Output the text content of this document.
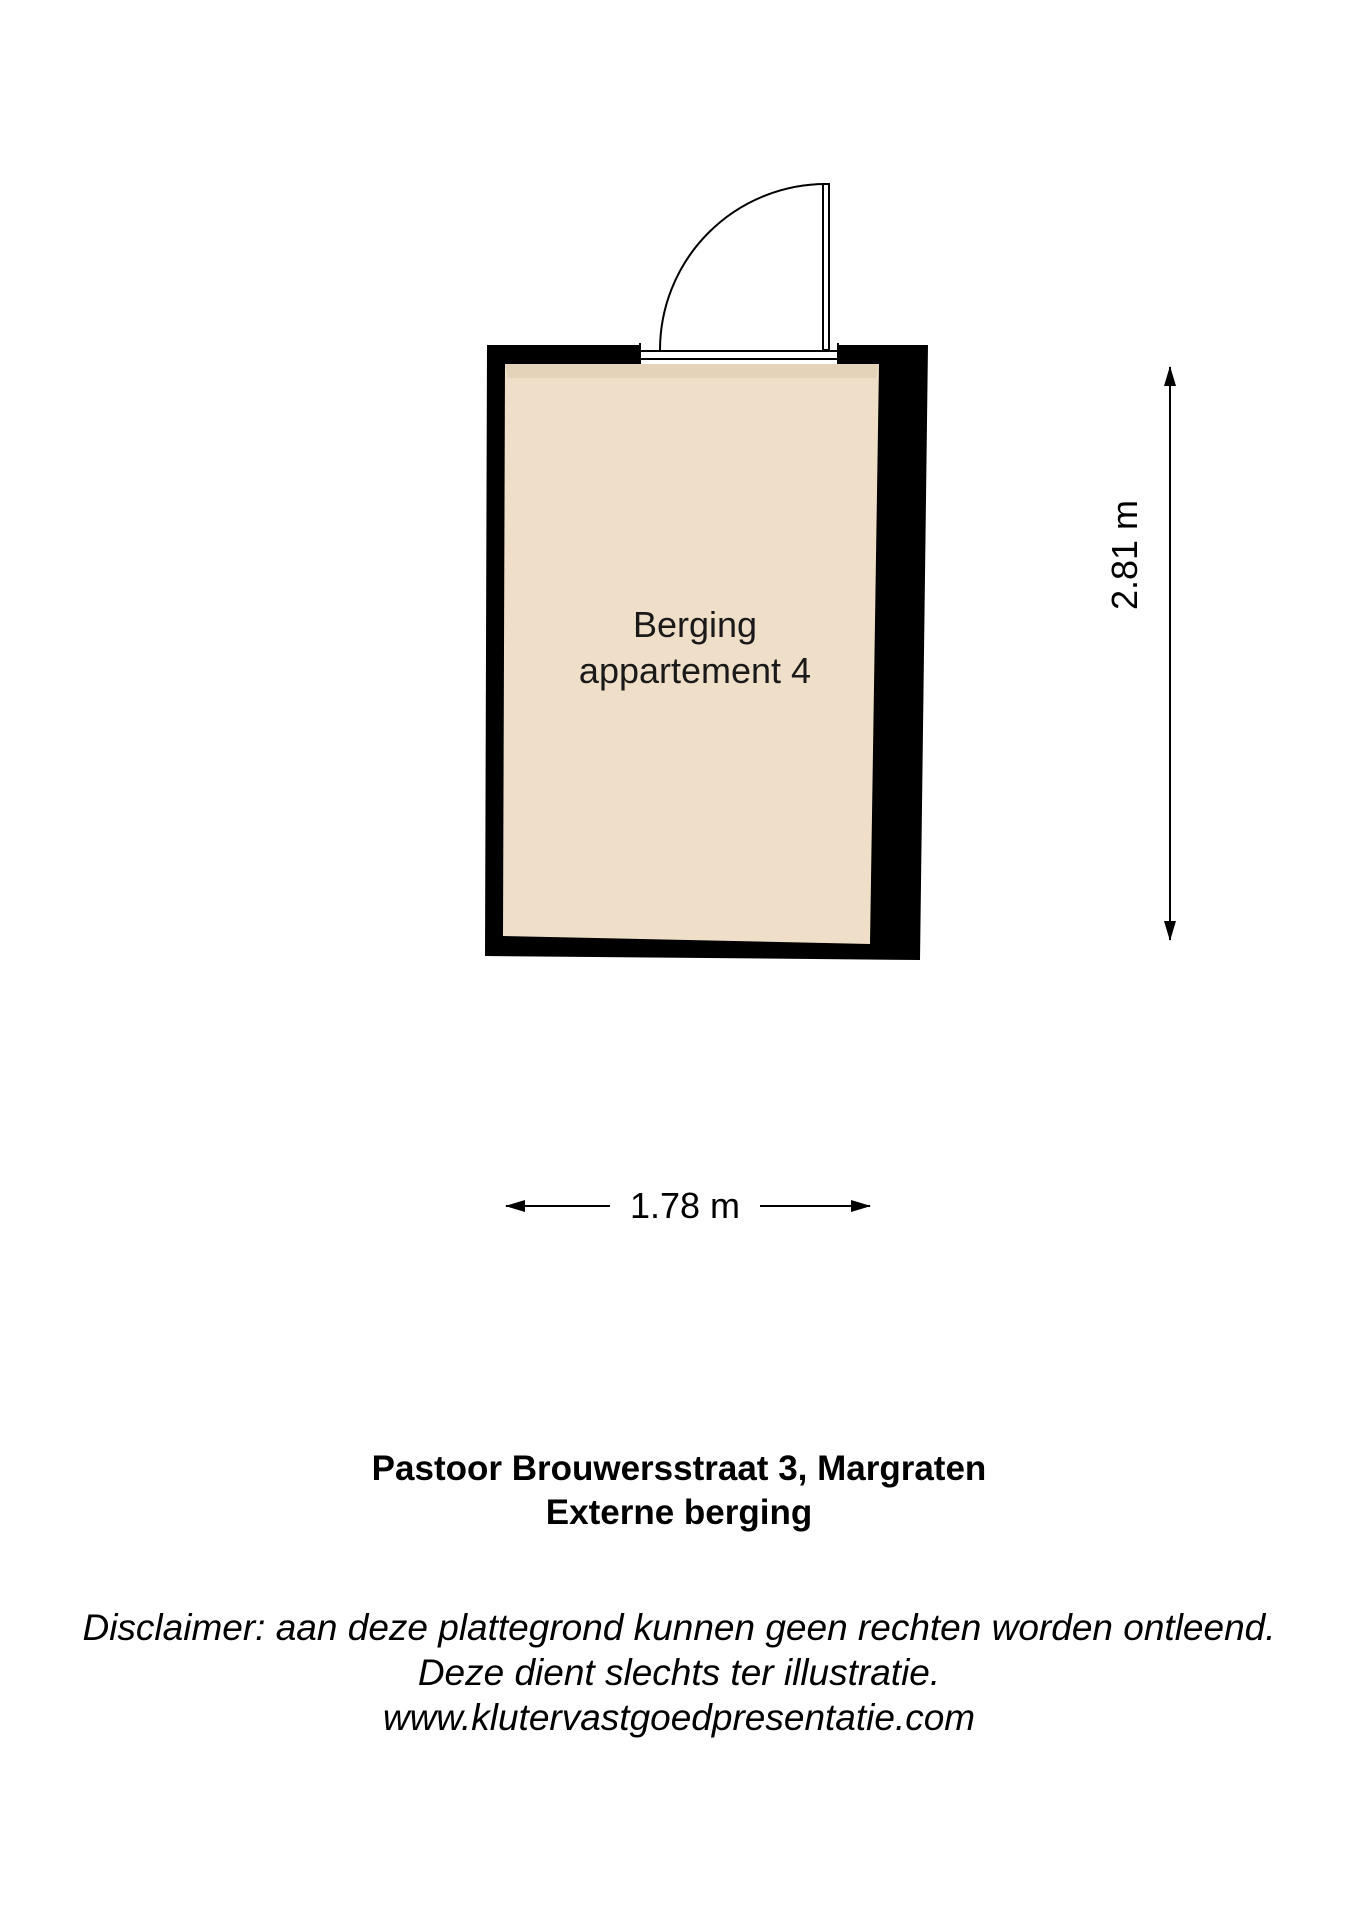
Berging
appartement 4
1.78 m
2.81 m
Pastoor Brouwersstraat 3, Margraten
Externe berging
Disclaimer: aan deze plattegrond kunnen geen rechten worden ontleend.
Deze dient slechts ter illustratie.
www.klutervastgoedpresentatie.com
